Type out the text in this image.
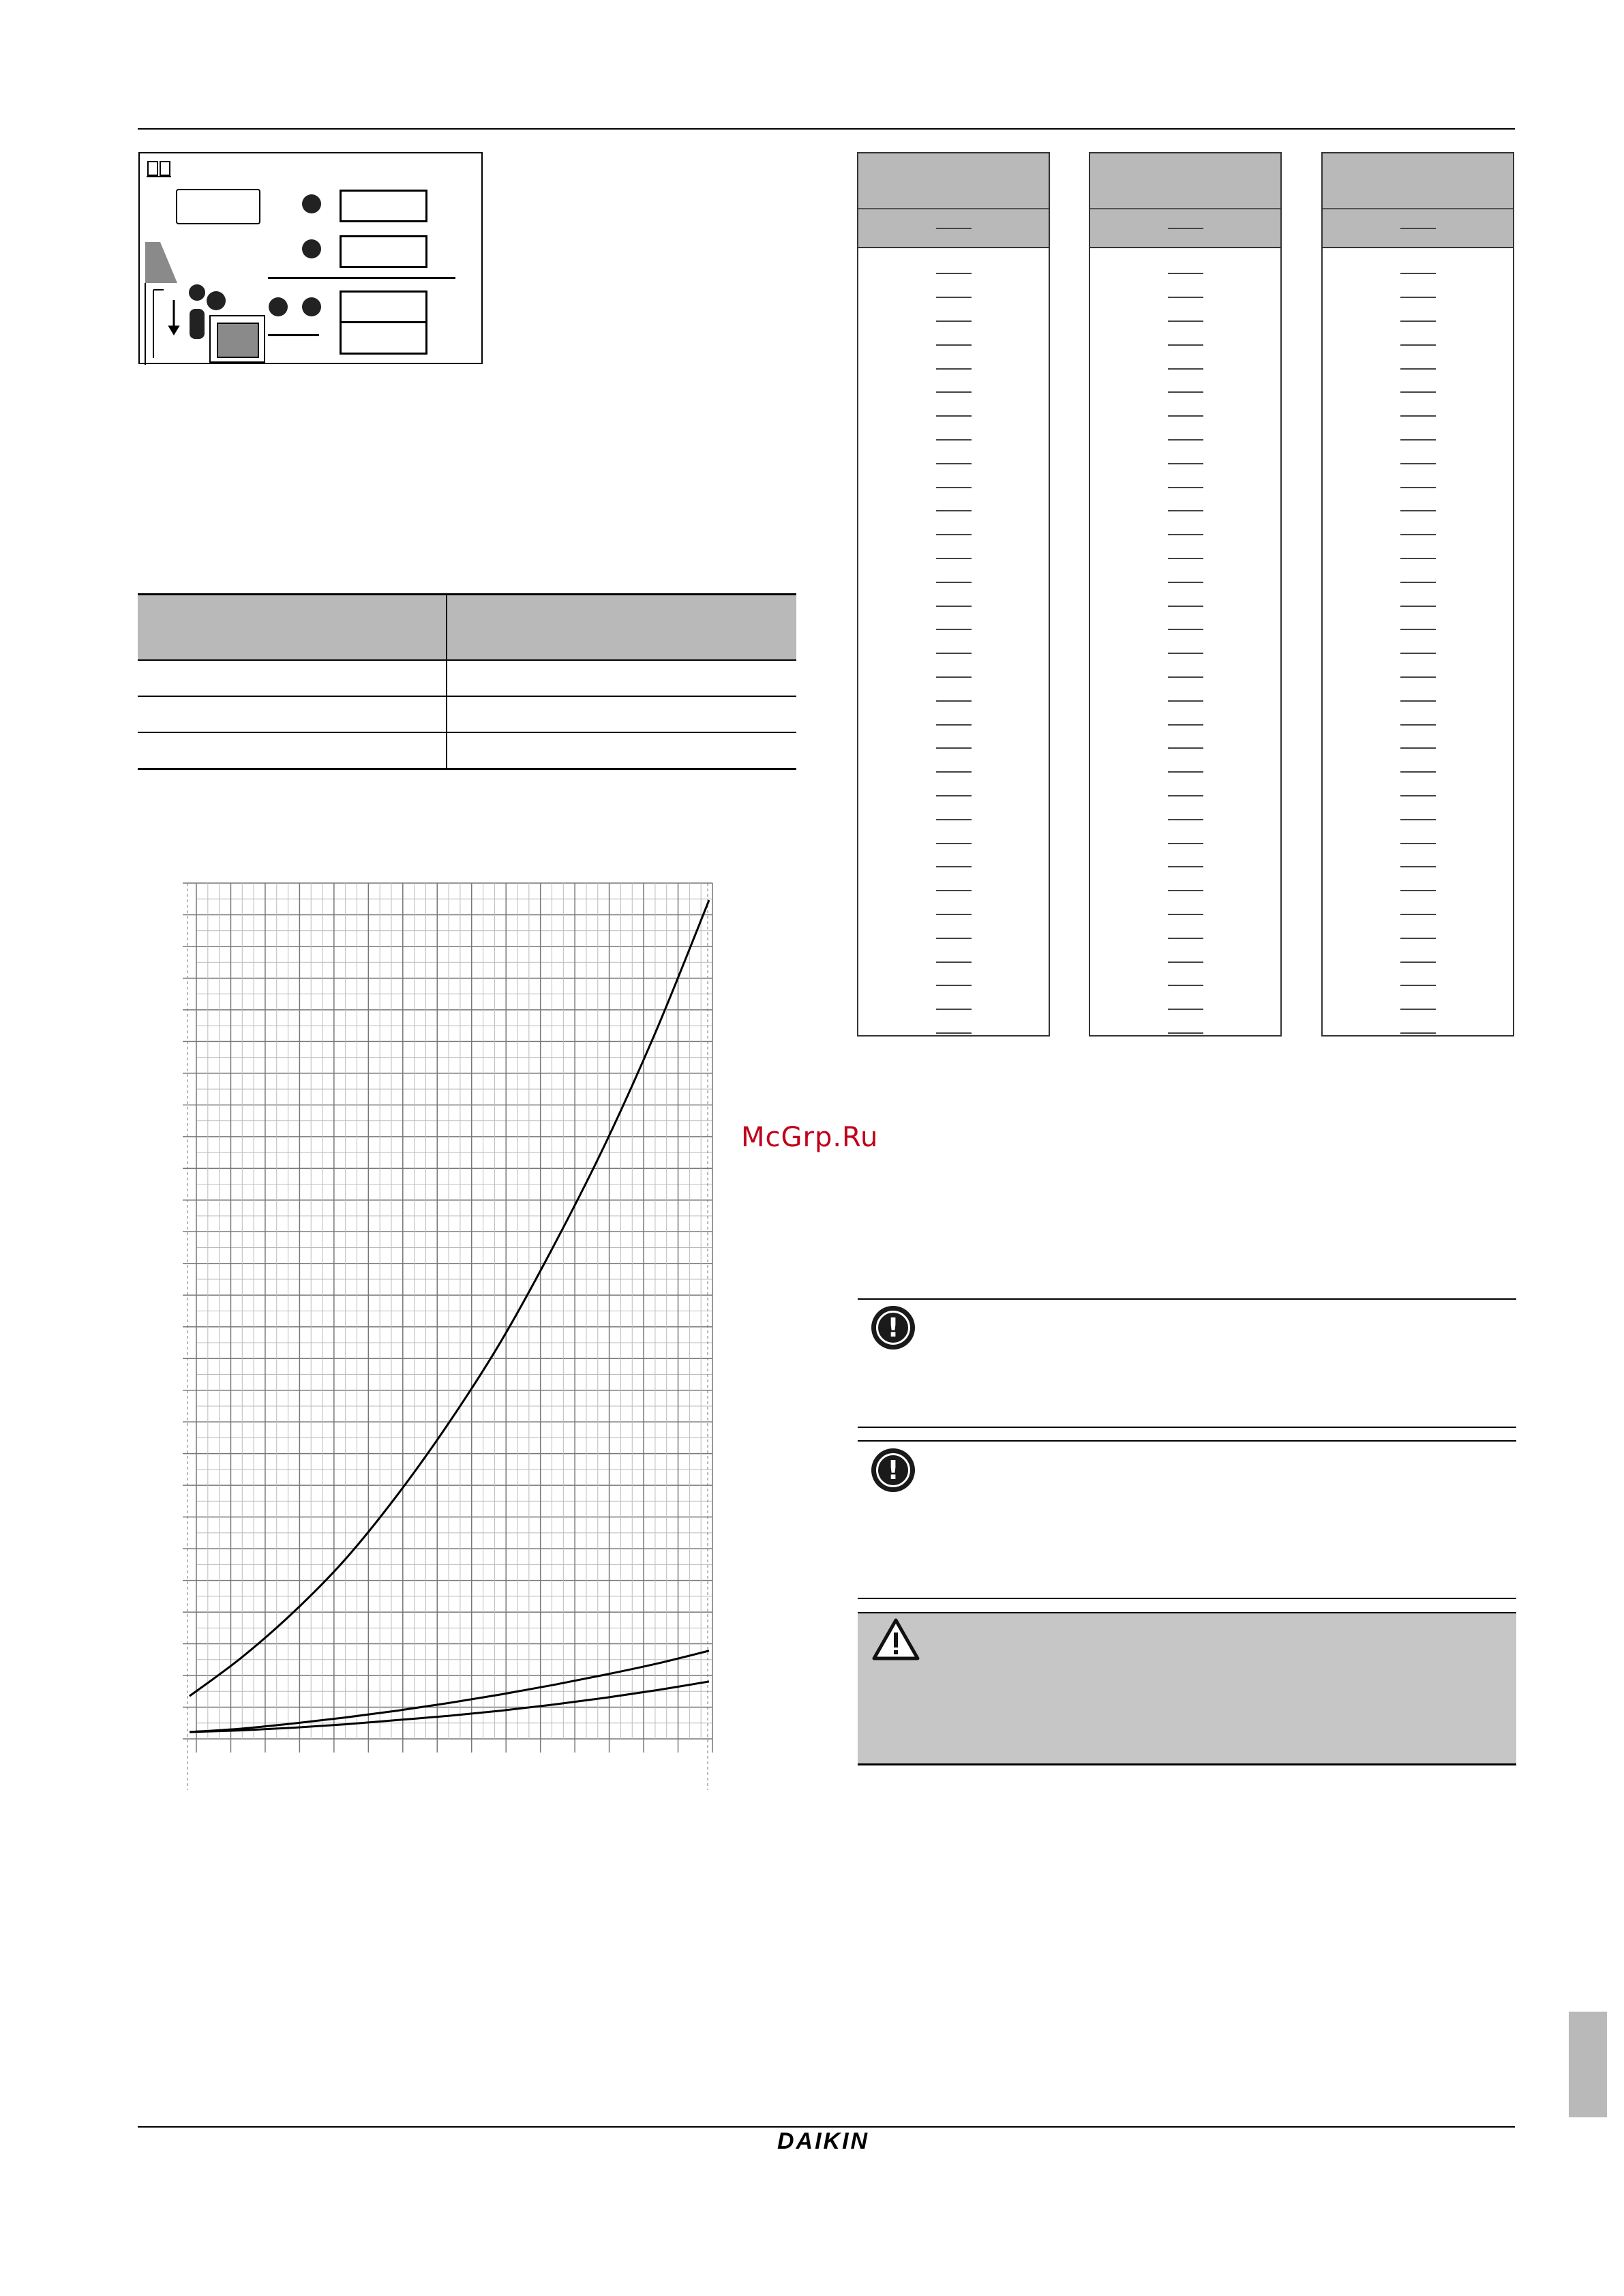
McGrp.Ru
!
!
DAIKIN
